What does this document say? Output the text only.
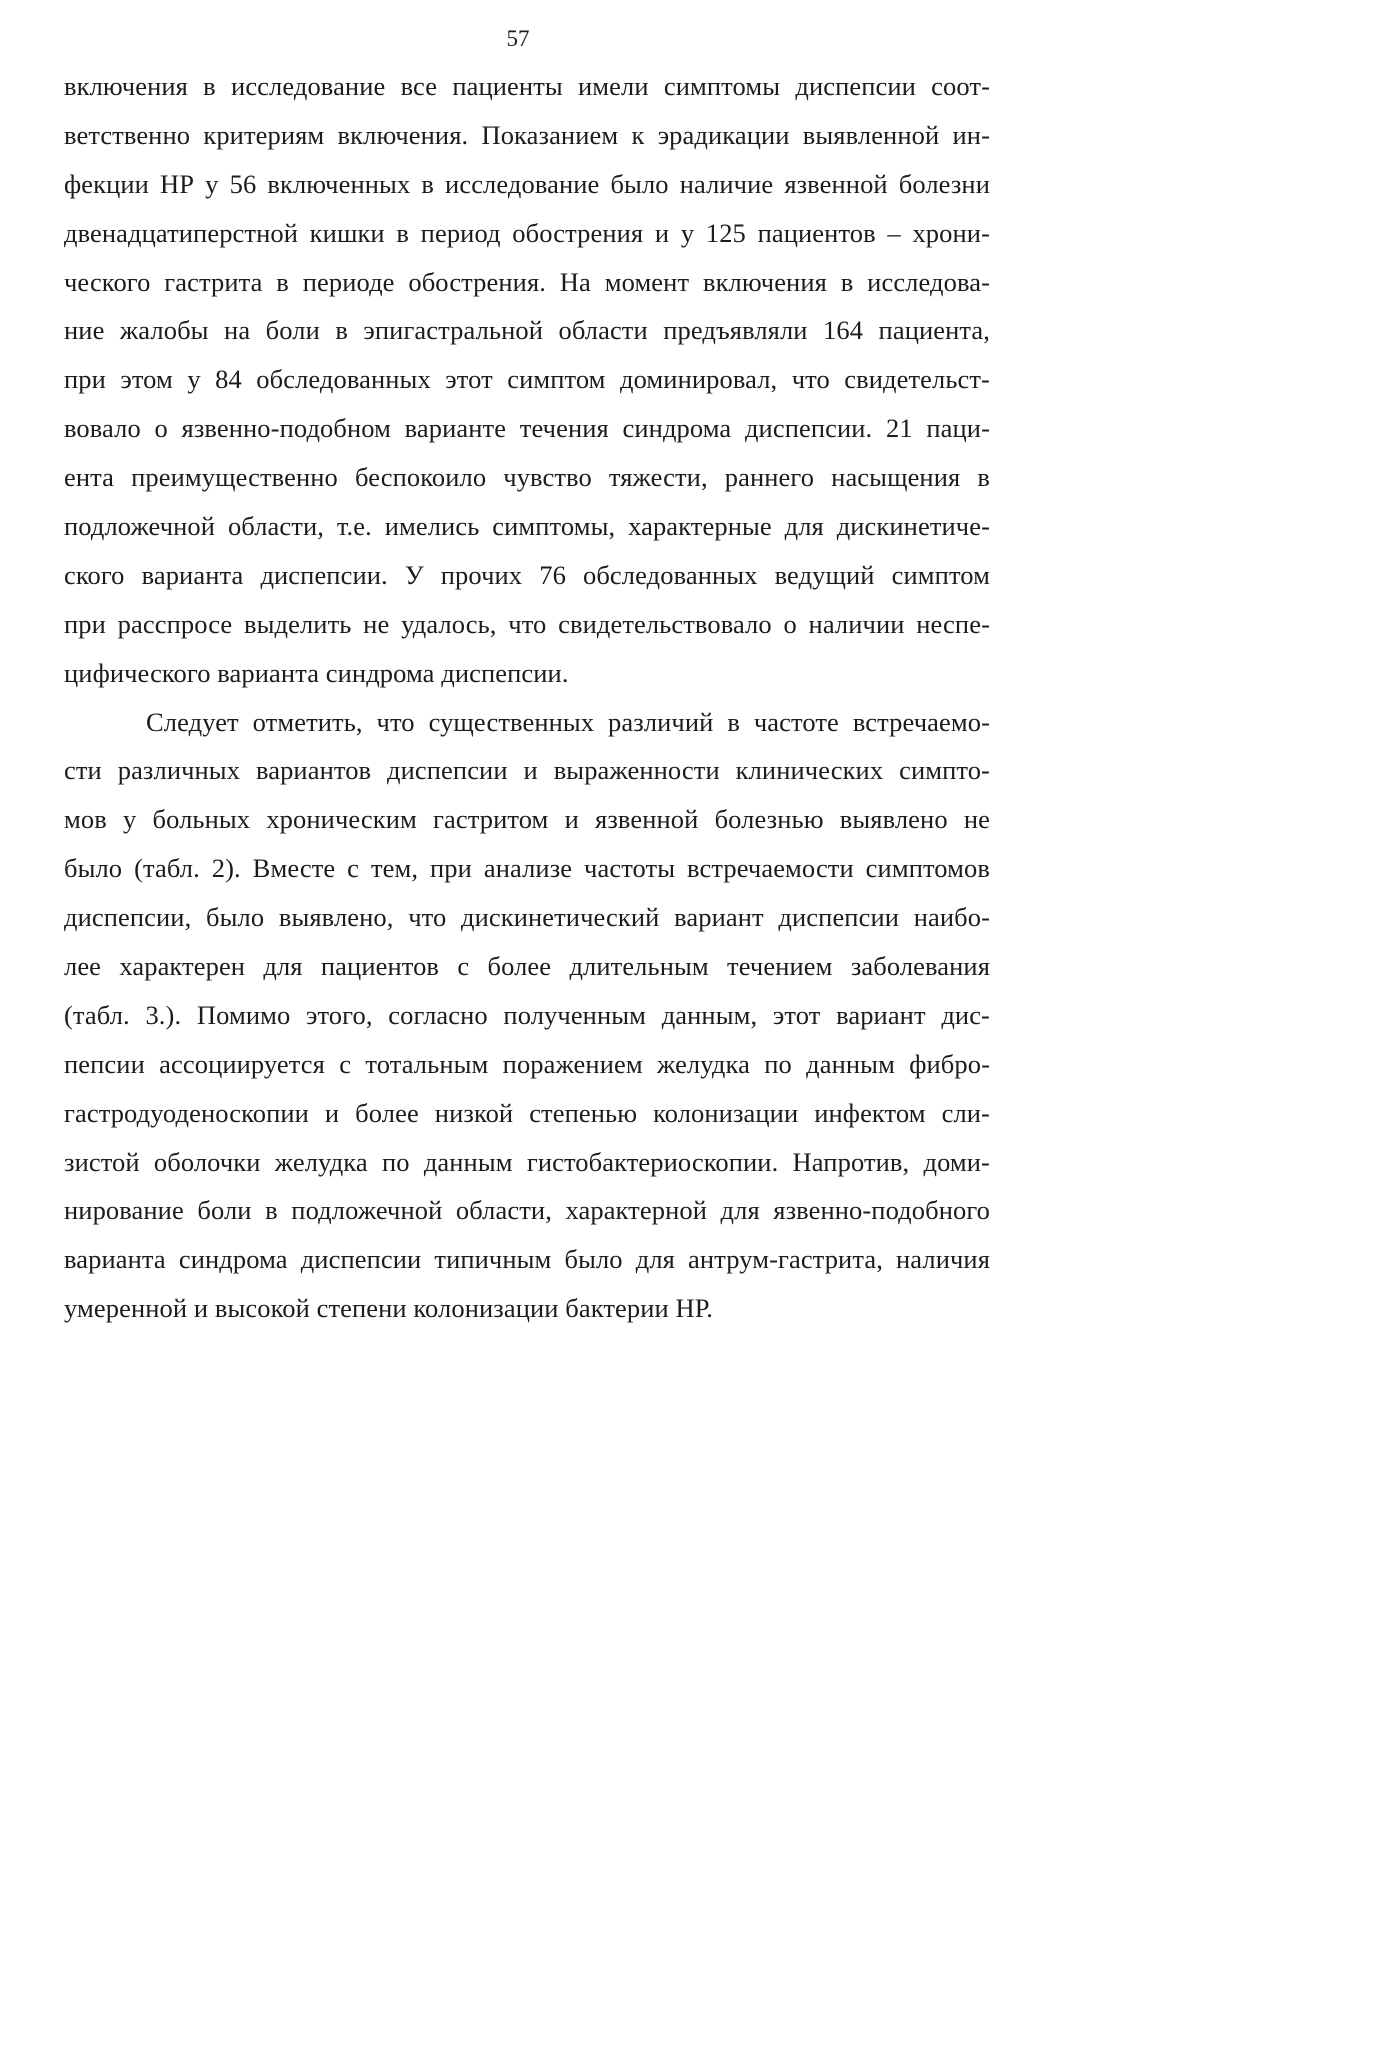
57
включения в исследование все пациенты имели симптомы диспепсии соот-
ветственно критериям включения. Показанием к эрадикации выявленной ин-
фекции НР у 56 включенных в исследование было наличие язвенной болезни
двенадцатиперстной кишки в период обострения и у 125 пациентов – хрони-
ческого гастрита в периоде обострения. На момент включения в исследова-
ние жалобы на боли в эпигастральной области предъявляли 164 пациента,
при этом у 84 обследованных этот симптом доминировал, что свидетельст-
вовало о язвенно-подобном варианте течения синдрома диспепсии. 21 паци-
ента преимущественно беспокоило чувство тяжести, раннего насыщения в
подложечной области, т.е. имелись симптомы, характерные для дискинетиче-
ского варианта диспепсии. У прочих 76 обследованных ведущий симптом
при расспросе выделить не удалось, что свидетельствовало о наличии неспе-
цифического варианта синдрома диспепсии.
Следует отметить, что существенных различий в частоте встречаемо-
сти различных вариантов диспепсии и выраженности клинических симпто-
мов у больных хроническим гастритом и язвенной болезнью выявлено не
было (табл. 2). Вместе с тем, при анализе частоты встречаемости симптомов
диспепсии, было выявлено, что дискинетический вариант диспепсии наибо-
лее характерен для пациентов с более длительным течением заболевания
(табл. 3.). Помимо этого, согласно полученным данным, этот вариант дис-
пепсии ассоциируется с тотальным поражением желудка по данным фибро-
гастродуоденоскопии и более низкой степенью колонизации инфектом сли-
зистой оболочки желудка по данным гистобактериоскопии. Напротив, доми-
нирование боли в подложечной области, характерной для язвенно-подобного
варианта синдрома диспепсии типичным было для антрум-гастрита, наличия
умеренной и высокой степени колонизации бактерии НР.
